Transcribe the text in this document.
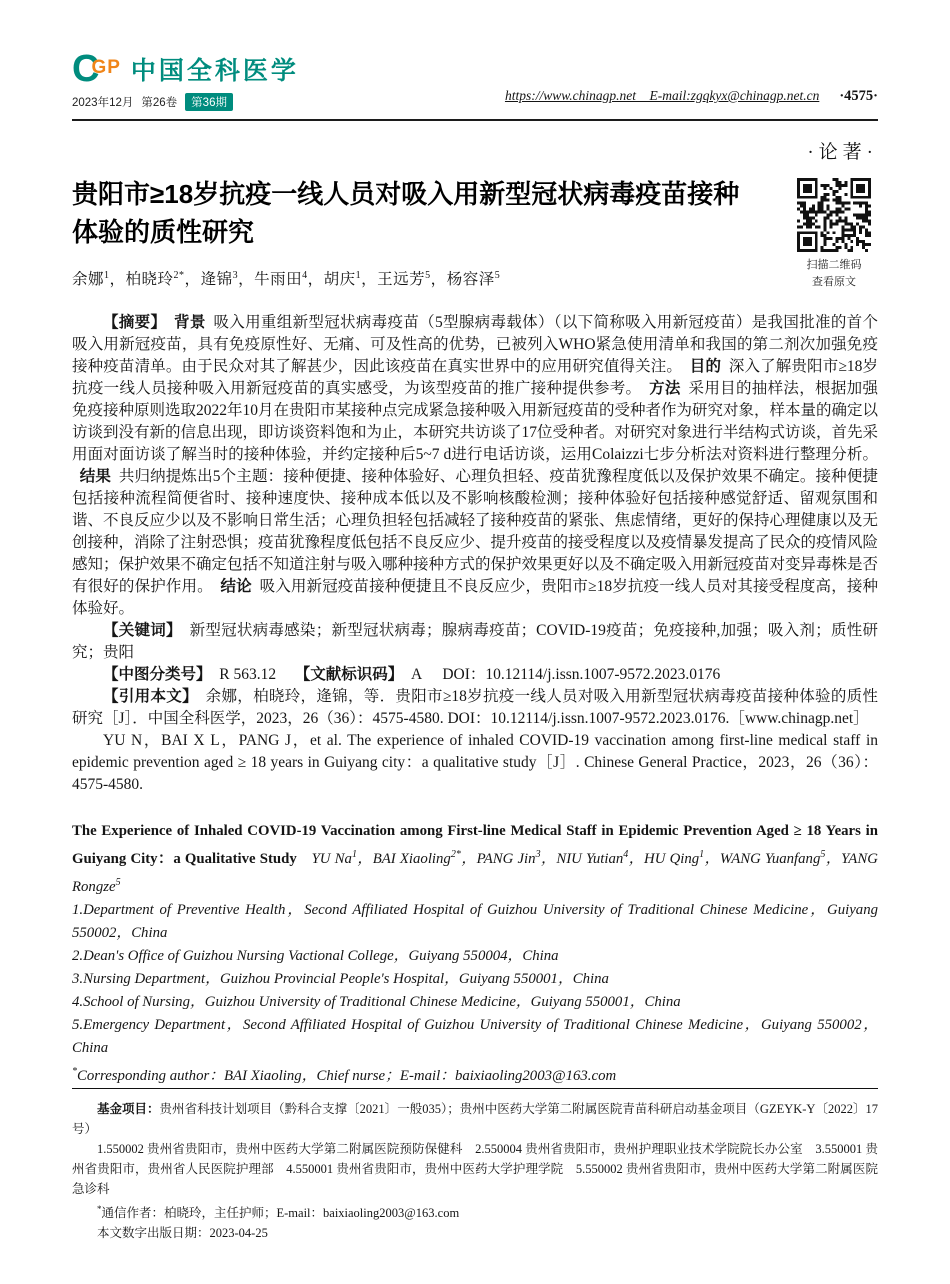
CGP 中国全科医学
2023年12月 第26卷	第36期	https://www.chinagp.net　E-mail:zgqkyx@chinagp.net.cn ·4575·
·论著·
贵阳市≥18岁抗疫一线人员对吸入用新型冠状病毒疫苗接种体验的质性研究

余娜$^1$，柏晓玲$^{2*}$，逄锦$^3$，牛雨田$^4$，胡庆$^1$，王远芳$^5$，杨容泽$^5$

扫描二维码
查看原文

【摘要】 背景 吸入用重组新型冠状病毒疫苗（5型腺病毒载体）（以下简称吸入用新冠疫苗）是我国批准的首个吸入用新冠疫苗，具有免疫原性好、无痛、可及性高的优势，已被列入WHO紧急使用清单和我国的第二剂次加强免疫接种疫苗清单。由于民众对其了解甚少，因此该疫苗在真实世界中的应用研究值得关注。 目的 深入了解贵阳市≥18岁抗疫一线人员接种吸入用新冠疫苗的真实感受，为该型疫苗的推广接种提供参考。 方法 采用目的抽样法，根据加强免疫接种原则选取2022年10月在贵阳市某接种点完成紧急接种吸入用新冠疫苗的受种者作为研究对象，样本量的确定以访谈到没有新的信息出现，即访谈资料饱和为止，本研究共访谈了17位受种者。对研究对象进行半结构式访谈，首先采用面对面访谈了解当时的接种体验，并约定接种后5~7 d进行电话访谈，运用Colaizzi七步分析法对资料进行整理分析。结果 共归纳提炼出5个主题：接种便捷、接种体验好、心理负担轻、疫苗犹豫程度低以及保护效果不确定。接种便捷包括接种流程简便省时、接种速度快、接种成本低以及不影响核酸检测；接种体验好包括接种感觉舒适、留观氛围和谐、不良反应少以及不影响日常生活；心理负担轻包括减轻了接种疫苗的紧张、焦虑情绪，更好的保持心理健康以及无创接种，消除了注射恐惧；疫苗犹豫程度低包括不良反应少、提升疫苗的接受程度以及疫情暴发提高了民众的疫情风险感知；保护效果不确定包括不知道注射与吸入哪种接种方式的保护效果更好以及不确定吸入用新冠疫苗对变异毒株是否有很好的保护作用。 结论 吸入用新冠疫苗接种便捷且不良反应少，贵阳市≥18岁抗疫一线人员对其接受程度高，接种体验好。

【关键词】 新型冠状病毒感染；新型冠状病毒；腺病毒疫苗；COVID-19疫苗；免疫接种,加强；吸入剂；质性研究；贵阳

【中图分类号】 R 563.12 【文献标识码】 A DOI：10.12114/j.issn.1007-9572.2023.0176

【引用本文】 余娜，柏晓玲，逄锦，等．贵阳市≥18岁抗疫一线人员对吸入用新型冠状病毒疫苗接种体验的质性研究［J］．中国全科医学，2023，26（36）：4575-4580. DOI：10.12114/j.issn.1007-9572.2023.0176.［www.chinagp.net］

YU N，BAI X L，PANG J，et al. The experience of inhaled COVID-19 vaccination among first-line medical staff in epidemic prevention aged ≥ 18 years in Guiyang city：a qualitative study［J］. Chinese General Practice，2023，26（36）：4575-4580.

The Experience of Inhaled COVID-19 Vaccination among First-line Medical Staff in Epidemic Prevention Aged ≥ 18 Years in Guiyang City：a Qualitative Study YU Na$^1$，BAI Xiaoling$^{2*}$，PANG Jin$^3$，NIU Yutian$^4$，HU Qing$^1$，WANG Yuanfang$^5$，YANG Rongze$^5$

1.Department of Preventive Health，Second Affiliated Hospital of Guizhou University of Traditional Chinese Medicine，Guiyang 550002，China

2.Dean's Office of Guizhou Nursing Vactional College，Guiyang 550004，China

3.Nursing Department，Guizhou Provincial People's Hospital，Guiyang 550001，China

4.School of Nursing，Guizhou University of Traditional Chinese Medicine，Guiyang 550001，China

5.Emergency Department，Second Affiliated Hospital of Guizhou University of Traditional Chinese Medicine，Guiyang 550002，China

*Corresponding author：BAI Xiaoling，Chief nurse；E-mail：baixiaoling2003@163.com

基金项目：贵州省科技计划项目（黔科合支撑〔2021〕一般035）；贵州中医药大学第二附属医院青苗科研启动基金项目（GZEYK-Y〔2022〕17号）

1.550002 贵州省贵阳市，贵州中医药大学第二附属医院预防保健科　2.550004 贵州省贵阳市，贵州护理职业技术学院院长办公室　3.550001 贵州省贵阳市，贵州省人民医院护理部　4.550001 贵州省贵阳市，贵州中医药大学护理学院　5.550002 贵州省贵阳市，贵州中医药大学第二附属医院急诊科

*通信作者：柏晓玲，主任护师；E-mail：baixiaoling2003@163.com

本文数字出版日期：2023-04-25
